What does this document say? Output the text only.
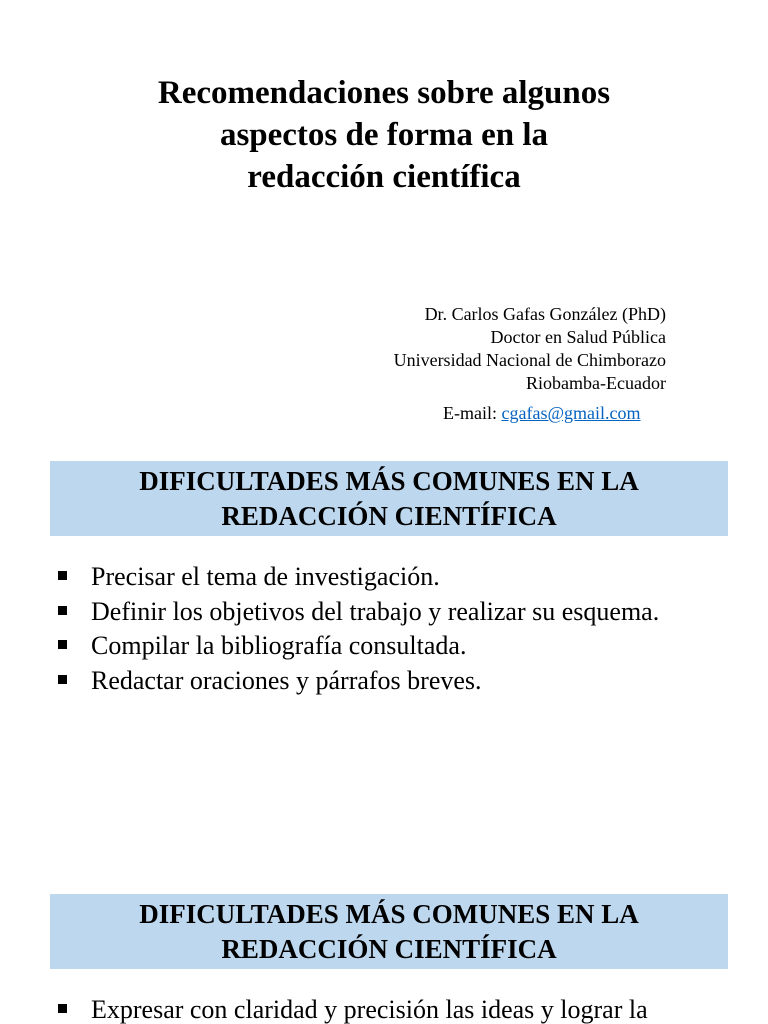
Recomendaciones sobre algunos
aspectos de forma en la
redacción científica
Dr. Carlos Gafas González (PhD)
Doctor en Salud Pública
Universidad Nacional de Chimborazo
Riobamba-Ecuador
E-mail: cgafas@gmail.com
DIFICULTADES MÁS COMUNES EN LA
REDACCIÓN CIENTÍFICA
Precisar el tema de investigación.
Definir los objetivos del trabajo y realizar su esquema.
Compilar la bibliografía consultada.
Redactar oraciones y párrafos breves.
DIFICULTADES MÁS COMUNES EN LA
REDACCIÓN CIENTÍFICA
Expresar con claridad y precisión las ideas y lograr la
